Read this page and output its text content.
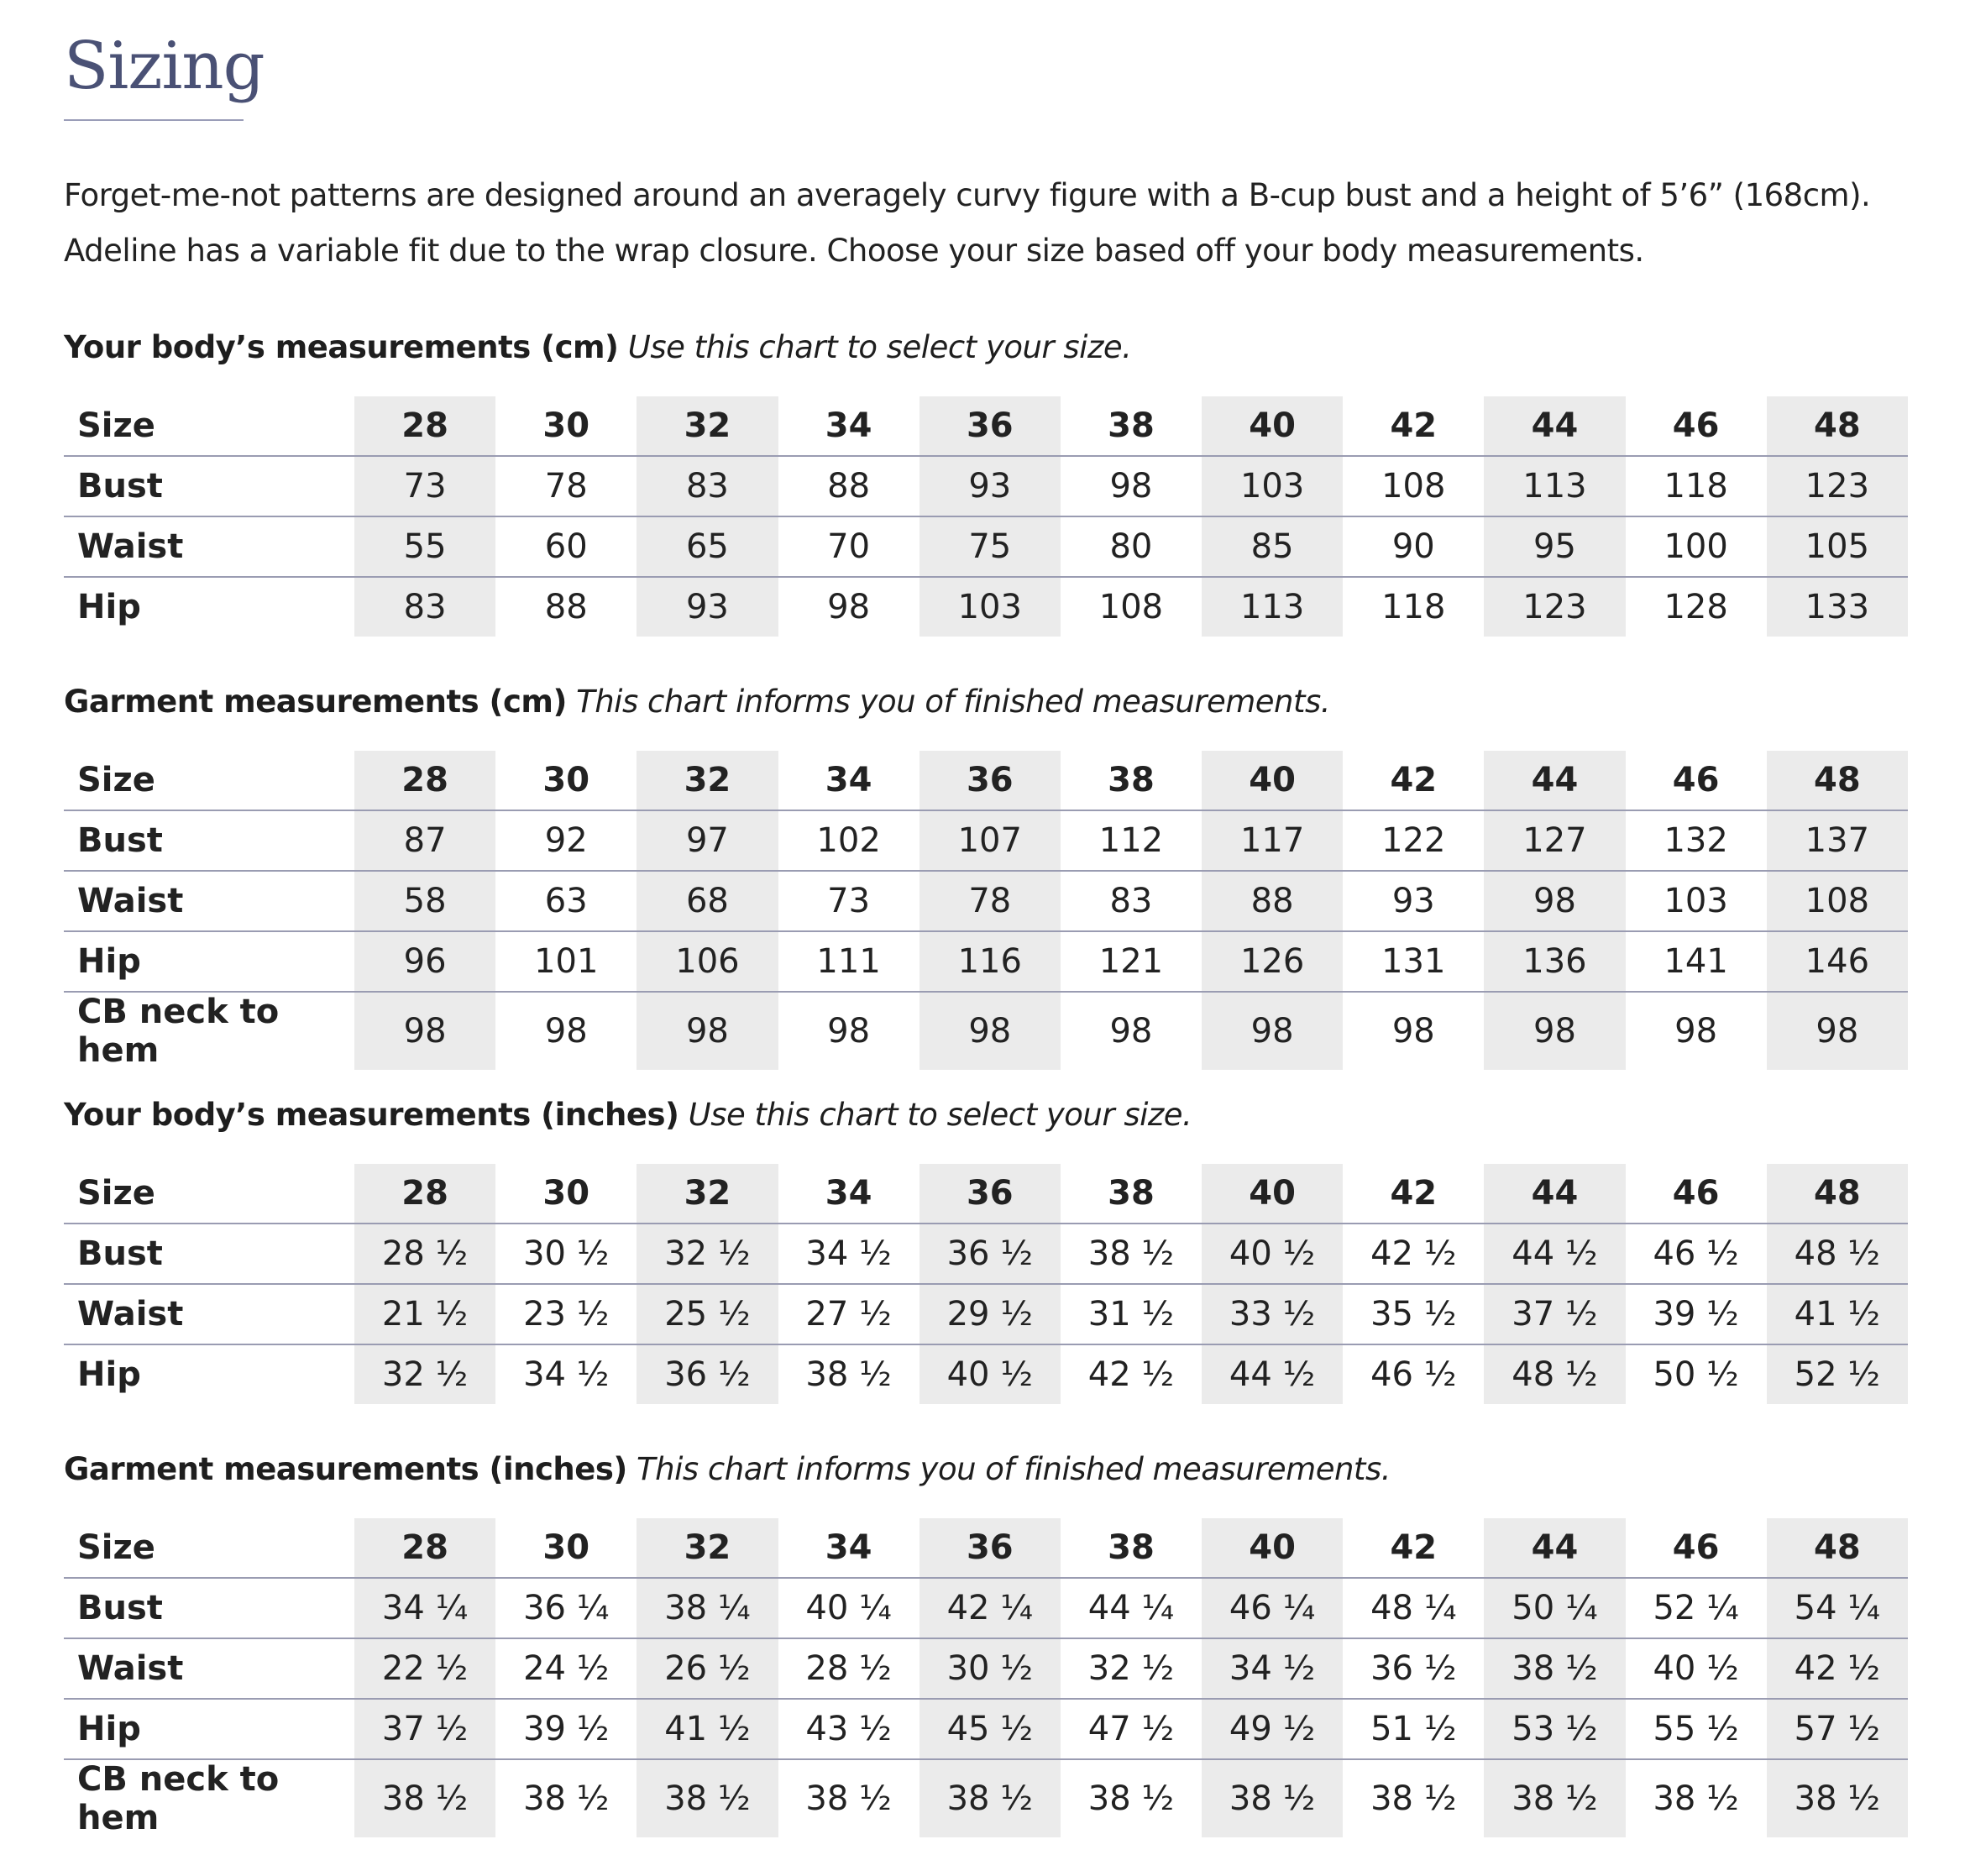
Sizing

Forget-me-not patterns are designed around an averagely curvy figure with a B-cup bust and a height of 5’6” (168cm). Adeline has a variable fit due to the wrap closure. Choose your size based off your body measurements.

Your body’s measurements (cm) Use this chart to select your size.
Size	28	30	32	34	36	38	40	42	44	46	48
Bust	73	78	83	88	93	98	103	108	113	118	123
Waist	55	60	65	70	75	80	85	90	95	100	105
Hip	83	88	93	98	103	108	113	118	123	128	133
Garment measurements (cm) This chart informs you of finished measurements.
Size	28	30	32	34	36	38	40	42	44	46	48
Bust	87	92	97	102	107	112	117	122	127	132	137
Waist	58	63	68	73	78	83	88	93	98	103	108
Hip	96	101	106	111	116	121	126	131	136	141	146
CB neck to hem	98	98	98	98	98	98	98	98	98	98	98
Your body’s measurements (inches) Use this chart to select your size.
Size	28	30	32	34	36	38	40	42	44	46	48
Bust	28 ½	30 ½	32 ½	34 ½	36 ½	38 ½	40 ½	42 ½	44 ½	46 ½	48 ½
Waist	21 ½	23 ½	25 ½	27 ½	29 ½	31 ½	33 ½	35 ½	37 ½	39 ½	41 ½
Hip	32 ½	34 ½	36 ½	38 ½	40 ½	42 ½	44 ½	46 ½	48 ½	50 ½	52 ½
Garment measurements (inches) This chart informs you of finished measurements.
Size	28	30	32	34	36	38	40	42	44	46	48
Bust	34 ¼	36 ¼	38 ¼	40 ¼	42 ¼	44 ¼	46 ¼	48 ¼	50 ¼	52 ¼	54 ¼
Waist	22 ½	24 ½	26 ½	28 ½	30 ½	32 ½	34 ½	36 ½	38 ½	40 ½	42 ½
Hip	37 ½	39 ½	41 ½	43 ½	45 ½	47 ½	49 ½	51 ½	53 ½	55 ½	57 ½
CB neck to hem	38 ½	38 ½	38 ½	38 ½	38 ½	38 ½	38 ½	38 ½	38 ½	38 ½	38 ½
